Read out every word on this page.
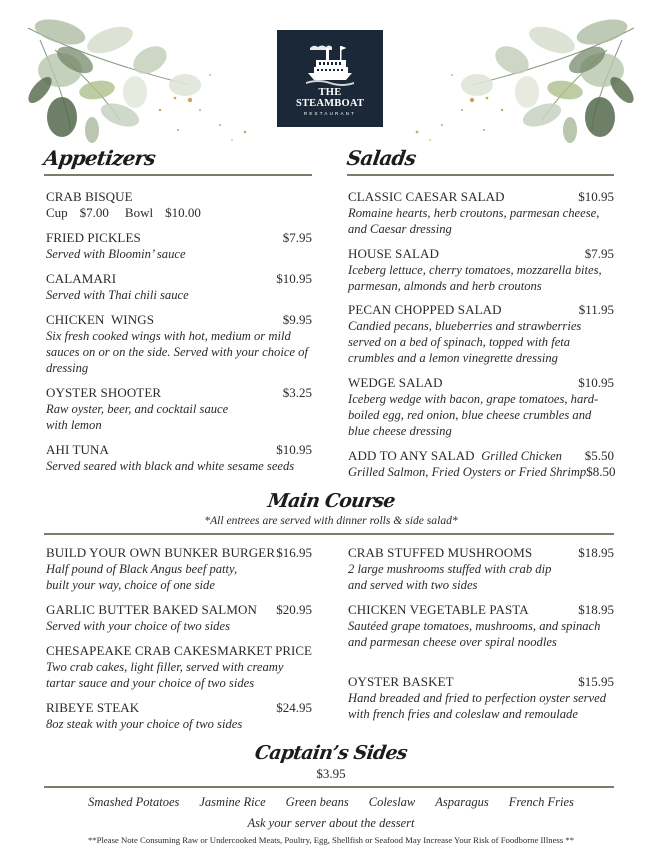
THE
STEAMBOAT
RESTAURANT
Appetizers	Salads
CRAB BISQUE
Cup $7.00 Bowl $10.00
FRIED PICKLES	$7.95
Served with Bloomin’ sauce
CALAMARI	$10.95
Served with Thai chili sauce
CHICKEN  WINGS	$9.95
Six fresh cooked wings with hot, medium or mild sauces on or on the side. Served with your choice of dressing
OYSTER SHOOTER	$3.25
Raw oyster, beer, and cocktail sauce with lemon
AHI TUNA	$10.95
Served seared with black and white sesame seeds
CLASSIC CAESAR SALAD	$10.95
Romaine hearts, herb croutons, parmesan cheese, and Caesar dressing
HOUSE SALAD	$7.95
Iceberg lettuce, cherry tomatoes, mozzarella bites, parmesan, almonds and herb croutons
PECAN CHOPPED SALAD	$11.95
Candied pecans, blueberries and strawberries served on a bed of spinach, topped with feta crumbles and a lemon vinegrette dressing
WEDGE SALAD	$10.95
Iceberg wedge with bacon, grape tomatoes, hard-boiled egg, red onion, blue cheese crumbles and blue cheese dressing
ADD TO ANY SALAD Grilled Chicken $5.50
Grilled Salmon, Fried Oysters or Fried Shrimp $8.50
Main Course
*All entrees are served with dinner rolls & side salad*
BUILD YOUR OWN BUNKER BURGER $16.95
Half pound of Black Angus beef patty, built your way, choice of one side
GARLIC BUTTER BAKED SALMON $20.95
Served with your choice of two sides
CHESAPEAKE CRAB CAKES MARKET PRICE
Two crab cakes, light filler, served with creamy tartar sauce and your choice of two sides
RIBEYE STEAK	$24.95
8oz steak with your choice of two sides
CRAB STUFFED MUSHROOMS	$18.95
2 large mushrooms stuffed with crab dip and served with two sides
CHICKEN VEGETABLE PASTA	$18.95
Sautéed grape tomatoes, mushrooms, and spinach and parmesan cheese over spiral noodles
OYSTER BASKET	$15.95
Hand breaded and fried to perfection oyster served with french fries and coleslaw and remoulade
Captain’s Sides
$3.95
Smashed Potatoes Jasmine Rice Green beans Coleslaw Asparagus French Fries
Ask your server about the dessert
**Please Note Consuming Raw or Undercooked Meats, Poultry, Egg, Shellfish or Seafood May Increase Your Risk of Foodborne Illness **
